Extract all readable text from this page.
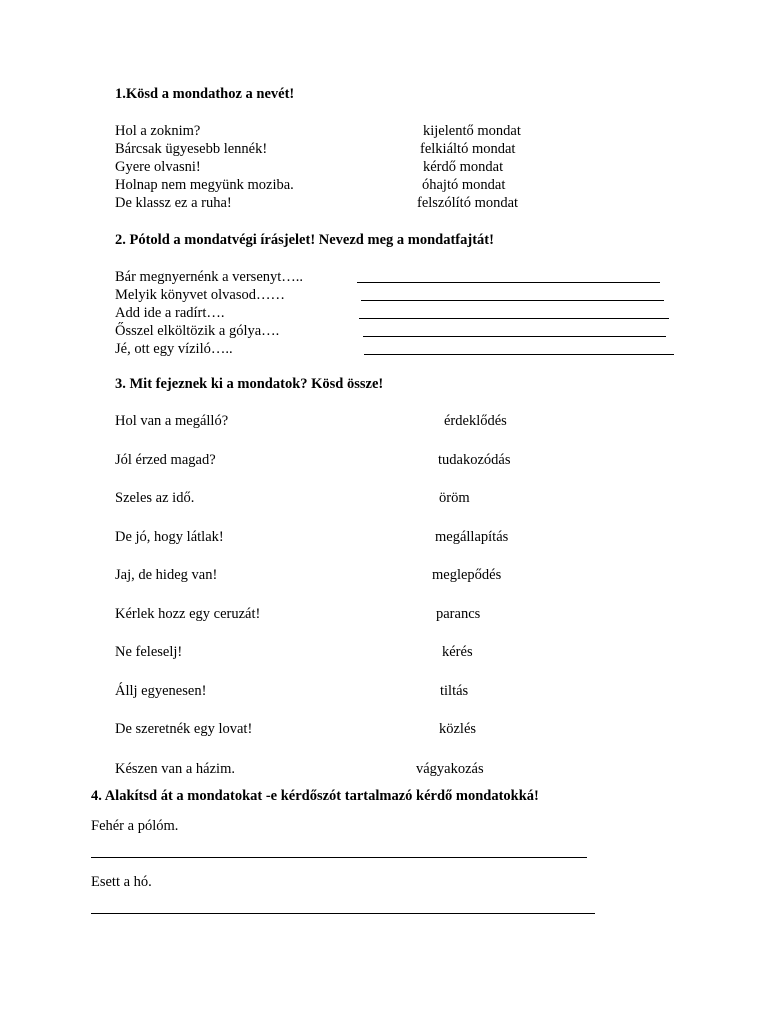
1.Kösd a mondathoz a nevét!
Hol a zoknim?
Bárcsak ügyesebb lennék!
Gyere olvasni!
Holnap nem megyünk moziba.
De klassz ez a ruha!
kijelentő mondat
felkiáltó mondat
kérdő mondat
óhajtó mondat
felszólító mondat
2. Pótold a mondatvégi írásjelet! Nevezd meg a mondatfajtát!
Bár megnyernénk a versenyt…..
Melyik könyvet olvasod……
Add ide a radírt….
Ősszel elköltözik a gólya….
Jé, ott egy víziló…..
3. Mit fejeznek ki a mondatok? Kösd össze!
Hol van a megálló?
Jól érzed magad?
Szeles az idő.
De jó, hogy látlak!
Jaj, de hideg van!
Kérlek hozz egy ceruzát!
Ne feleselj!
Állj egyenesen!
De szeretnék egy lovat!
Készen van a házim.
érdeklődés
tudakozódás
öröm
megállapítás
meglepődés
parancs
kérés
tiltás
közlés
vágyakozás
4. Alakítsd át a mondatokat -e kérdőszót tartalmazó kérdő mondatokká!
Fehér a pólóm.
Esett a hó.
